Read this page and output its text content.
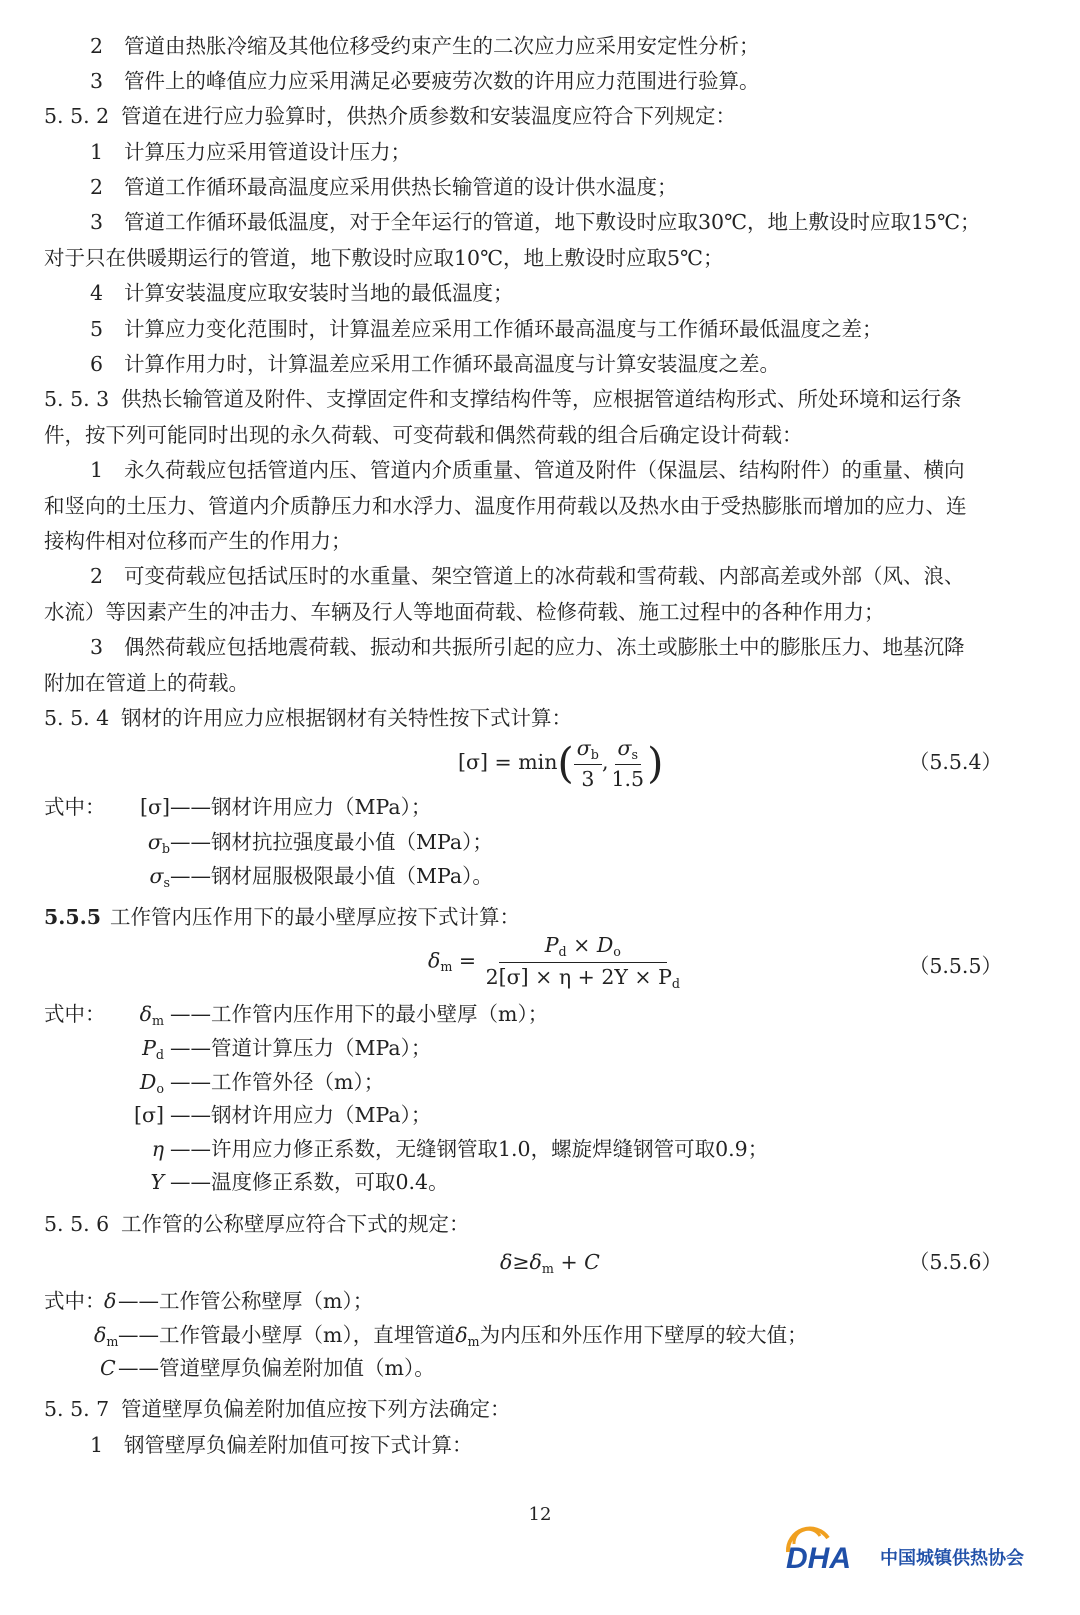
2 管道由热胀冷缩及其他位移受约束产生的二次应力应采用安定性分析；
3 管件上的峰值应力应采用满足必要疲劳次数的许用应力范围进行验算。
5. 5. 2 管道在进行应力验算时，供热介质参数和安装温度应符合下列规定：
1 计算压力应采用管道设计压力；
2 管道工作循环最高温度应采用供热长输管道的设计供水温度；
3 管道工作循环最低温度，对于全年运行的管道，地下敷设时应取30℃，地上敷设时应取15℃；
对于只在供暖期运行的管道，地下敷设时应取10℃，地上敷设时应取5℃；
4 计算安装温度应取安装时当地的最低温度；
5 计算应力变化范围时，计算温差应采用工作循环最高温度与工作循环最低温度之差；
6 计算作用力时，计算温差应采用工作循环最高温度与计算安装温度之差。
5. 5. 3 供热长输管道及附件、支撑固定件和支撑结构件等，应根据管道结构形式、所处环境和运行条
件，按下列可能同时出现的永久荷载、可变荷载和偶然荷载的组合后确定设计荷载：
1 永久荷载应包括管道内压、管道内介质重量、管道及附件（保温层、结构附件）的重量、横向
和竖向的土压力、管道内介质静压力和水浮力、温度作用荷载以及热水由于受热膨胀而增加的应力、连
接构件相对位移而产生的作用力；
2 可变荷载应包括试压时的水重量、架空管道上的冰荷载和雪荷载、内部高差或外部（风、浪、
水流）等因素产生的冲击力、车辆及行人等地面荷载、检修荷载、施工过程中的各种作用力；
3 偶然荷载应包括地震荷载、振动和共振所引起的应力、冻土或膨胀土中的膨胀压力、地基沉降
附加在管道上的荷载。
5. 5. 4 钢材的许用应力应根据钢材有关特性按下式计算：
$[\sigma] = \min( \frac{\sigma_b}{3}$ , $\frac{\sigma_s}{1.5}$ )	（5.5.4）
式中：	[σ] ——钢材许用应力（MPa）；
$\sigma_b$ ——钢材抗拉强度最小值（MPa）；
$\sigma_s$ ——钢材屈服极限最小值（MPa）。
5.5.5 工作管内压作用下的最小壁厚应按下式计算：
$\delta_m = \frac{P_d \times D_o}{2[\sigma] \times \eta + 2Y \times P_d}$	（5.5.5）
式中：	$\delta_m$ ——工作管内压作用下的最小壁厚（m）；
$P_d$ ——管道计算压力（MPa）；
$D_o$ ——工作管外径（m）；
[σ] ——钢材许用应力（MPa）；
η ——许用应力修正系数，无缝钢管取1.0，螺旋焊缝钢管可取0.9；
Y ——温度修正系数，可取0.4。
5. 5. 6 工作管的公称壁厚应符合下式的规定：
$\delta\ge\delta_m + C$	（5.5.6）
式中：
δ ——工作管公称壁厚（m）；
$\delta_m$ ——工作管最小壁厚（m），直埋管道$\delta_m$为内压和外压作用下壁厚的较大值；
C ——管道壁厚负偏差附加值（m）。
5. 5. 7 管道壁厚负偏差附加值应按下列方法确定：
1 钢管壁厚负偏差附加值可按下式计算：
12
DHA 中国城镇供热协会
